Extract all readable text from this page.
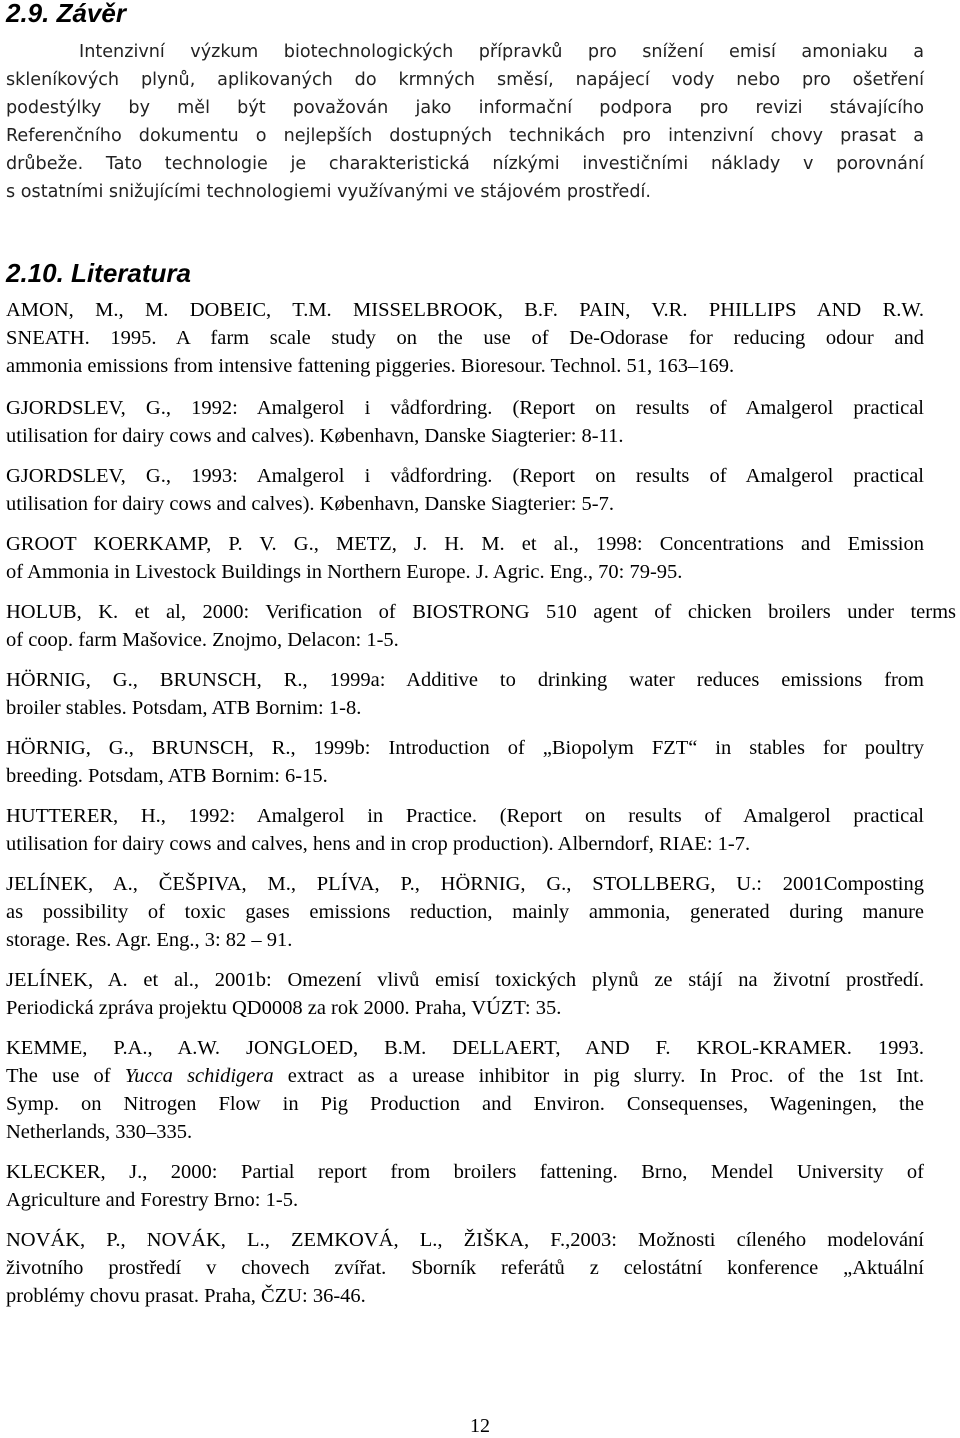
2.9. Závěr

Intenzivní výzkum biotechnologických přípravků pro snížení emisí amoniaku a

skleníkových plynů, aplikovaných do krmných směsí, napájecí vody nebo pro ošetření

podestýlky by měl být považován jako informační podpora pro revizi stávajícího

Referenčního dokumentu o nejlepších dostupných technikách pro intenzivní chovy prasat a

drůbeže. Tato technologie je charakteristická nízkými investičními náklady v porovnání

s ostatními snižujícími technologiemi využívanými ve stájovém prostředí.

2.10. Literatura

AMON, M., M. DOBEIC, T.M. MISSELBROOK, B.F. PAIN, V.R. PHILLIPS AND R.W.

SNEATH. 1995. A farm scale study on the use of De-Odorase for reducing odour and

ammonia emissions from intensive fattening piggeries. Bioresour. Technol. 51, 163–169.

GJORDSLEV, G., 1992: Amalgerol i vådfordring. (Report on results of Amalgerol practical

utilisation for dairy cows and calves). København, Danske Siagterier: 8-11.

GJORDSLEV, G., 1993: Amalgerol i vådfordring. (Report on results of Amalgerol practical

utilisation for dairy cows and calves). København, Danske Siagterier: 5-7.

GROOT KOERKAMP, P. V. G., METZ, J. H. M. et al., 1998: Concentrations and Emission

of Ammonia in Livestock Buildings in Northern Europe. J. Agric. Eng., 70: 79-95.

HOLUB, K. et al, 2000: Verification of BIOSTRONG 510 agent of chicken broilers under terms

of coop. farm Mašovice. Znojmo, Delacon: 1-5.

HÖRNIG, G., BRUNSCH, R., 1999a: Additive to drinking water reduces emissions from

broiler stables. Potsdam, ATB Bornim: 1-8.

HÖRNIG, G., BRUNSCH, R., 1999b: Introduction of „Biopolym FZT“ in stables for poultry

breeding. Potsdam, ATB Bornim: 6-15.

HUTTERER, H., 1992: Amalgerol in Practice. (Report on results of Amalgerol practical

utilisation for dairy cows and calves, hens and in crop production). Alberndorf, RIAE: 1-7.

JELÍNEK, A., ČEŠPIVA, M., PLÍVA, P., HÖRNIG, G., STOLLBERG, U.: 2001Composting

as possibility of toxic gases emissions reduction, mainly ammonia, generated during manure

storage. Res. Agr. Eng., 3: 82 – 91.

JELÍNEK, A. et al., 2001b: Omezení vlivů emisí toxických plynů ze stájí na životní prostředí.

Periodická zpráva projektu QD0008 za rok 2000. Praha, VÚZT: 35.

KEMME, P.A., A.W. JONGLOED, B.M. DELLAERT, AND F. KROL-KRAMER. 1993.

The use of Yucca schidigera extract as a urease inhibitor in pig slurry. In Proc. of the 1st Int.

Symp. on Nitrogen Flow in Pig Production and Environ. Consequenses, Wageningen, the

Netherlands, 330–335.

KLECKER, J., 2000: Partial report from broilers fattening. Brno, Mendel University of

Agriculture and Forestry Brno: 1-5.

NOVÁK, P., NOVÁK, L., ZEMKOVÁ, L., ŽIŠKA, F.,2003: Možnosti cíleného modelování

životního prostředí v chovech zvířat. Sborník referátů z celostátní konference „Aktuální

problémy chovu prasat. Praha, ČZU: 36-46.

12
